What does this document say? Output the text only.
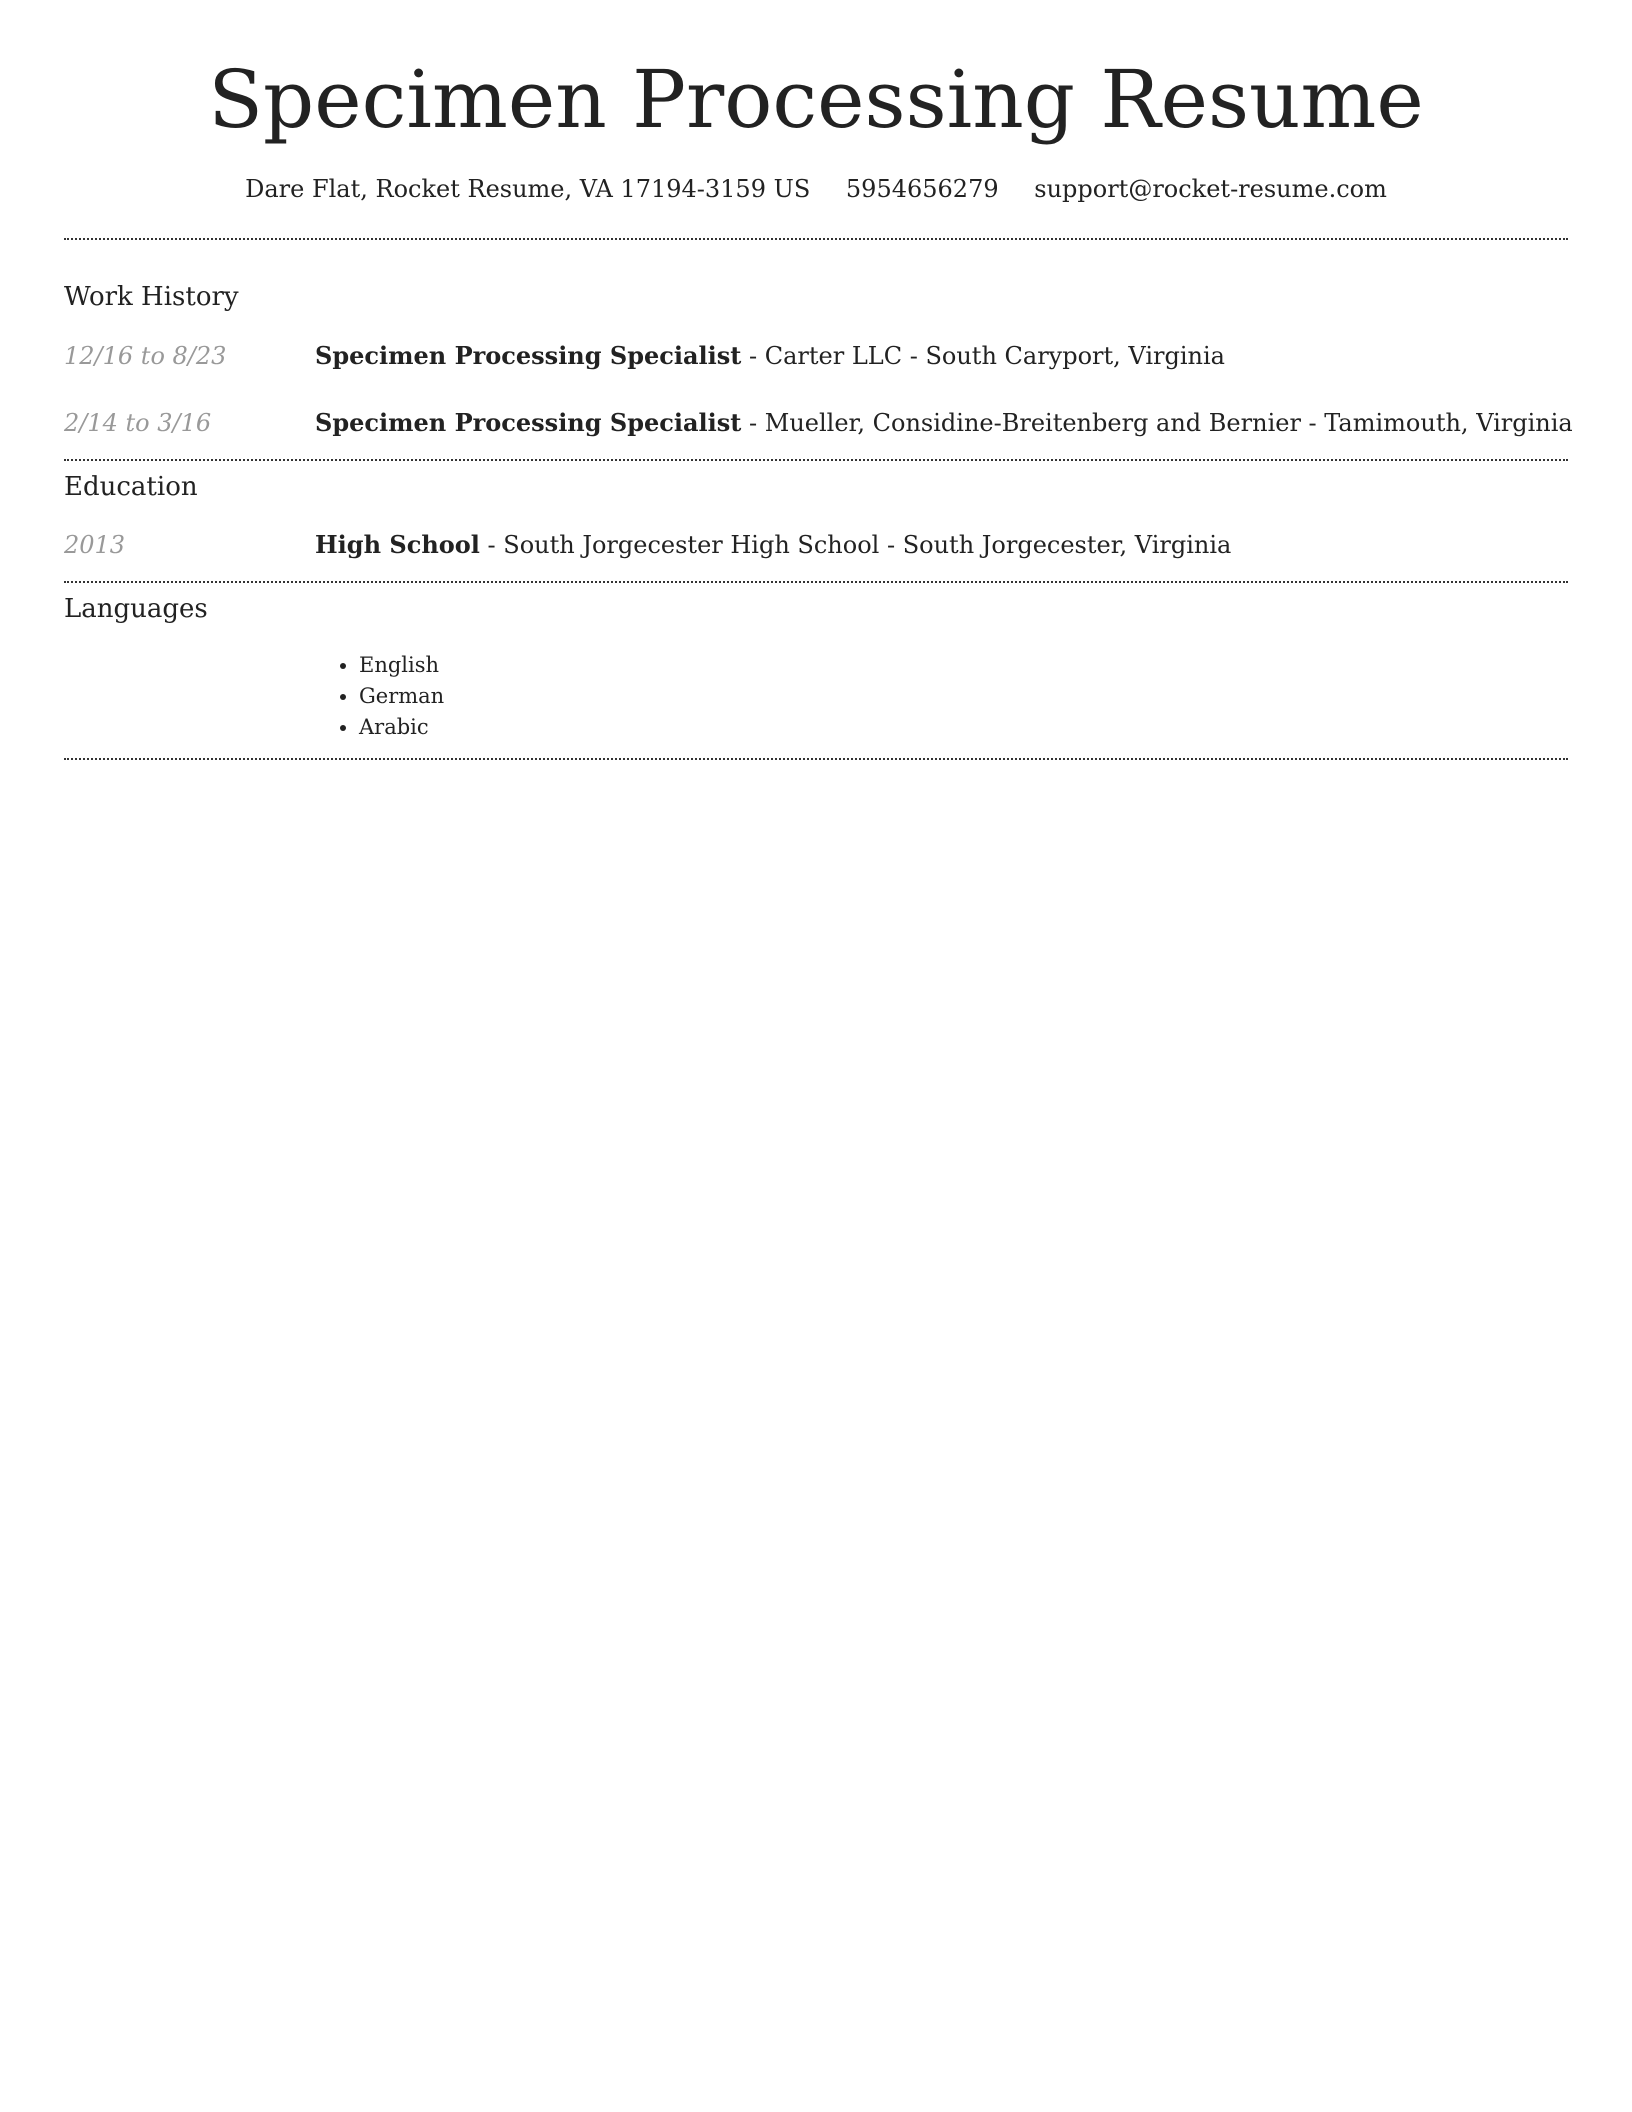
Specimen Processing Resume
Dare Flat, Rocket Resume, VA 17194-3159 US 5954656279 support@rocket-resume.com
Work History
12/16 to 8/23	Specimen Processing Specialist - Carter LLC - South Caryport, Virginia
2/14 to 3/16	Specimen Processing Specialist - Mueller, Considine-Breitenberg and Bernier - Tamimouth, Virginia
Education
2013	High School - South Jorgecester High School - South Jorgecester, Virginia
Languages
• English
• German
• Arabic
